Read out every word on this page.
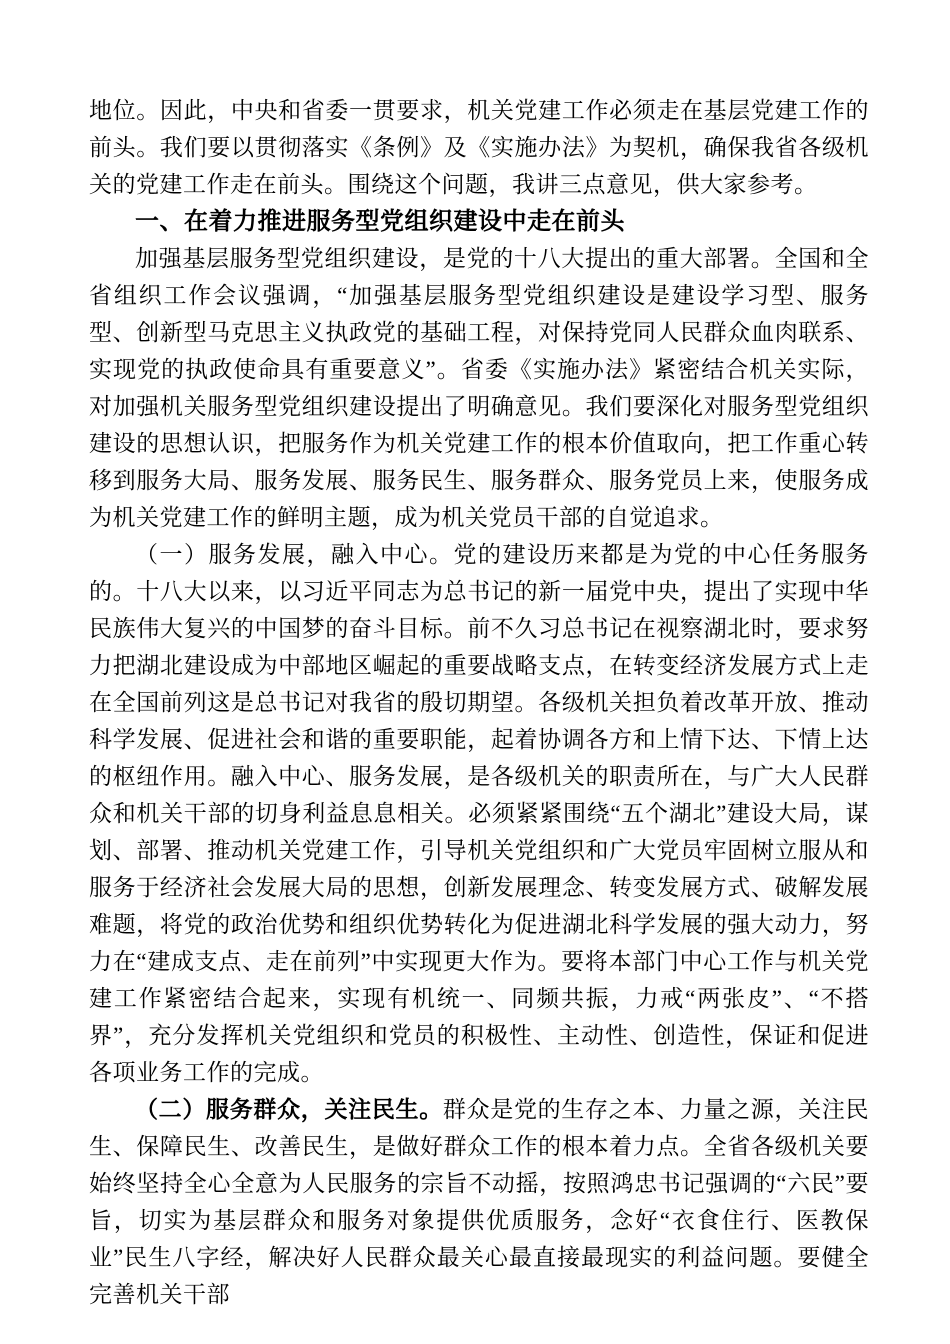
地位。因此，中央和省委一贯要求，机关党建工作必须走在基层党建工作的前头。我们要以贯彻落实《条例》及《实施办法》为契机，确保我省各级机关的党建工作走在前头。围绕这个问题，我讲三点意见，供大家参考。

一、在着力推进服务型党组织建设中走在前头

加强基层服务型党组织建设，是党的十八大提出的重大部署。全国和全省组织工作会议强调，“加强基层服务型党组织建设是建设学习型、服务型、创新型马克思主义执政党的基础工程，对保持党同人民群众血肉联系、实现党的执政使命具有重要意义”。省委《实施办法》紧密结合机关实际，对加强机关服务型党组织建设提出了明确意见。我们要深化对服务型党组织建设的思想认识，把服务作为机关党建工作的根本价值取向，把工作重心转移到服务大局、服务发展、服务民生、服务群众、服务党员上来，使服务成为机关党建工作的鲜明主题，成为机关党员干部的自觉追求。

（一）服务发展，融入中心。党的建设历来都是为党的中心任务服务的。十八大以来，以习近平同志为总书记的新一届党中央，提出了实现中华民族伟大复兴的中国梦的奋斗目标。前不久习总书记在视察湖北时，要求努力把湖北建设成为中部地区崛起的重要战略支点，在转变经济发展方式上走在全国前列这是总书记对我省的殷切期望。各级机关担负着改革开放、推动科学发展、促进社会和谐的重要职能，起着协调各方和上情下达、下情上达的枢纽作用。融入中心、服务发展，是各级机关的职责所在，与广大人民群众和机关干部的切身利益息息相关。必须紧紧围绕“五个湖北”建设大局，谋划、部署、推动机关党建工作，引导机关党组织和广大党员牢固树立服从和服务于经济社会发展大局的思想，创新发展理念、转变发展方式、破解发展难题，将党的政治优势和组织优势转化为促进湖北科学发展的强大动力，努力在“建成支点、走在前列”中实现更大作为。要将本部门中心工作与机关党建工作紧密结合起来，实现有机统一、同频共振，力戒“两张皮”、“不搭界”，充分发挥机关党组织和党员的积极性、主动性、创造性，保证和促进各项业务工作的完成。

（二）服务群众，关注民生。群众是党的生存之本、力量之源，关注民生、保障民生、改善民生，是做好群众工作的根本着力点。全省各级机关要始终坚持全心全意为人民服务的宗旨不动摇，按照鸿忠书记强调的“六民”要旨，切实为基层群众和服务对象提供优质服务，念好“衣食住行、医教保业”民生八字经，解决好人民群众最关心最直接最现实的利益问题。要健全完善机关干部
